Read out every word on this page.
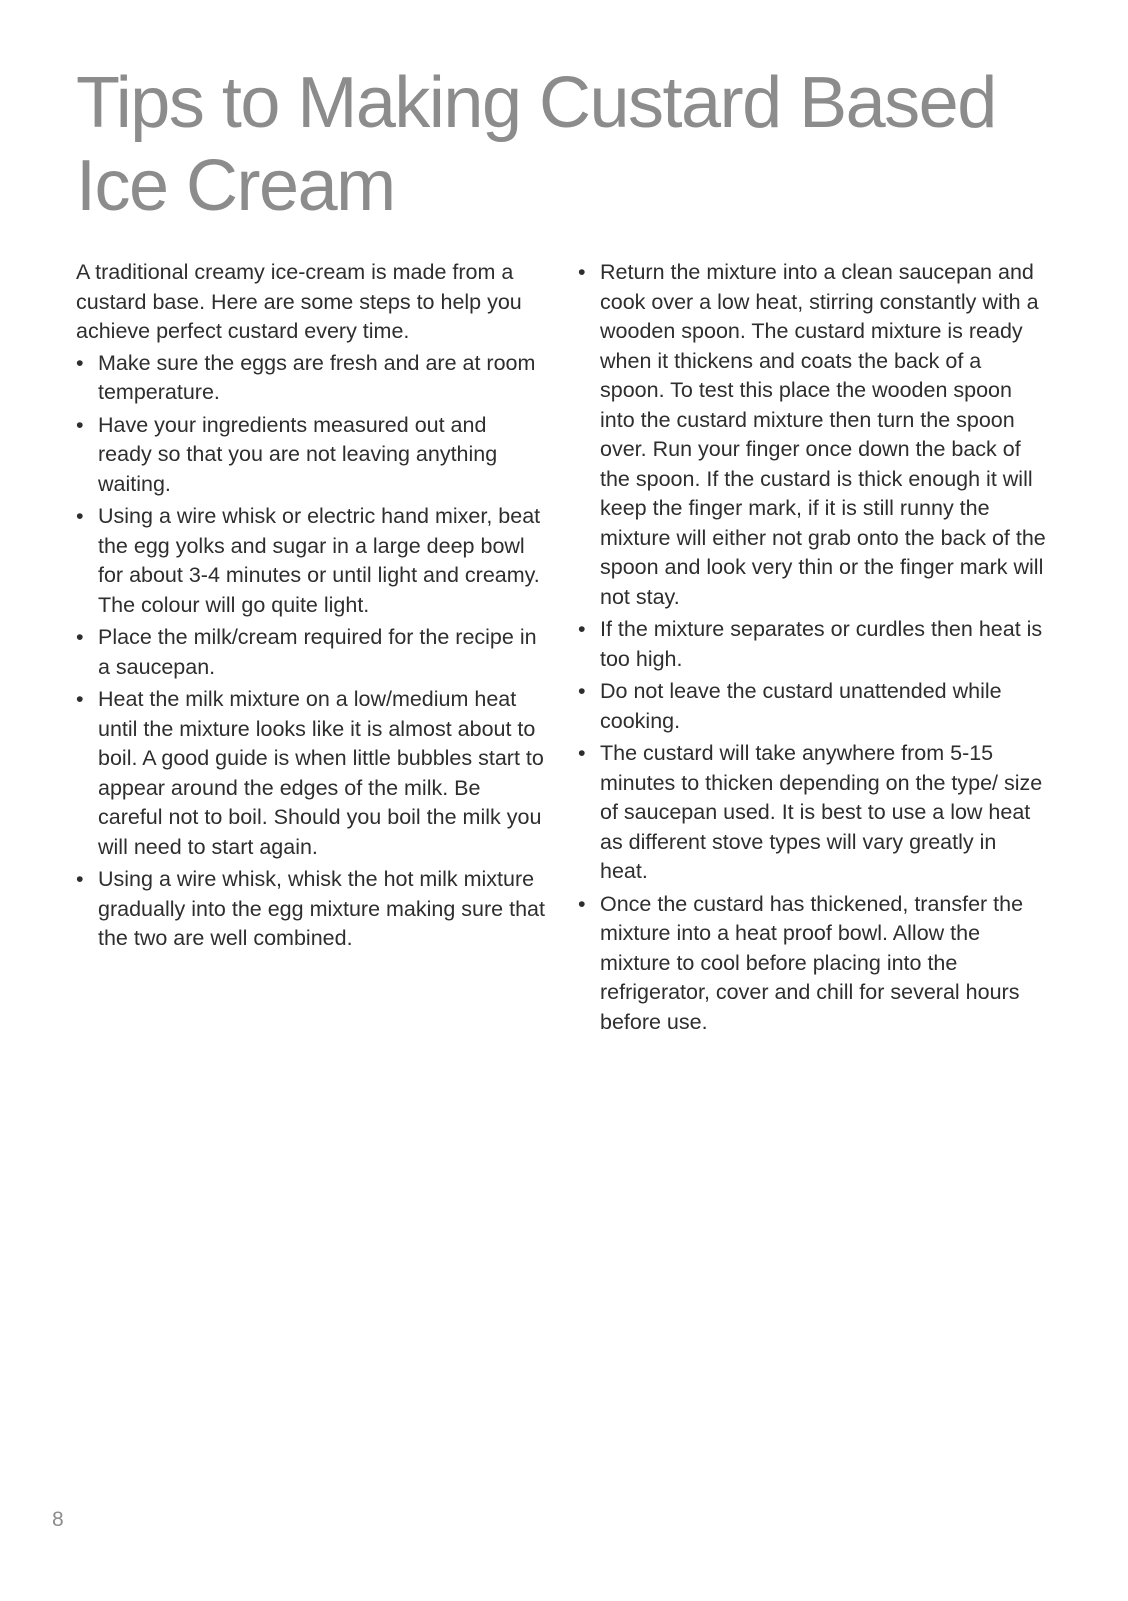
Tips to Making Custard Based
Ice Cream

A traditional creamy ice-cream is made from a custard base. Here are some steps to help you achieve perfect custard every time.

• Make sure the eggs are fresh and are at room temperature.
• Have your ingredients measured out and ready so that you are not leaving anything waiting.
• Using a wire whisk or electric hand mixer, beat the egg yolks and sugar in a large deep bowl for about 3-4 minutes or until light and creamy. The colour will go quite light.
• Place the milk/cream required for the recipe in a saucepan.
• Heat the milk mixture on a low/medium heat until the mixture looks like it is almost about to boil. A good guide is when little bubbles start to appear around the edges of the milk. Be careful not to boil. Should you boil the milk you will need to start again.
• Using a wire whisk, whisk the hot milk mixture gradually into the egg mixture making sure that the two are well combined.
• Return the mixture into a clean saucepan and cook over a low heat, stirring constantly with a wooden spoon. The custard mixture is ready when it thickens and coats the back of a spoon. To test this place the wooden spoon into the custard mixture then turn the spoon over. Run your finger once down the back of the spoon. If the custard is thick enough it will keep the finger mark, if it is still runny the mixture will either not grab onto the back of the spoon and look very thin or the finger mark will not stay.
• If the mixture separates or curdles then heat is too high.
• Do not leave the custard unattended while cooking.
• The custard will take anywhere from 5-15 minutes to thicken depending on the type/ size of saucepan used. It is best to use a low heat as different stove types will vary greatly in heat.
• Once the custard has thickened, transfer the mixture into a heat proof bowl. Allow the mixture to cool before placing into the refrigerator, cover and chill for several hours before use.
8
